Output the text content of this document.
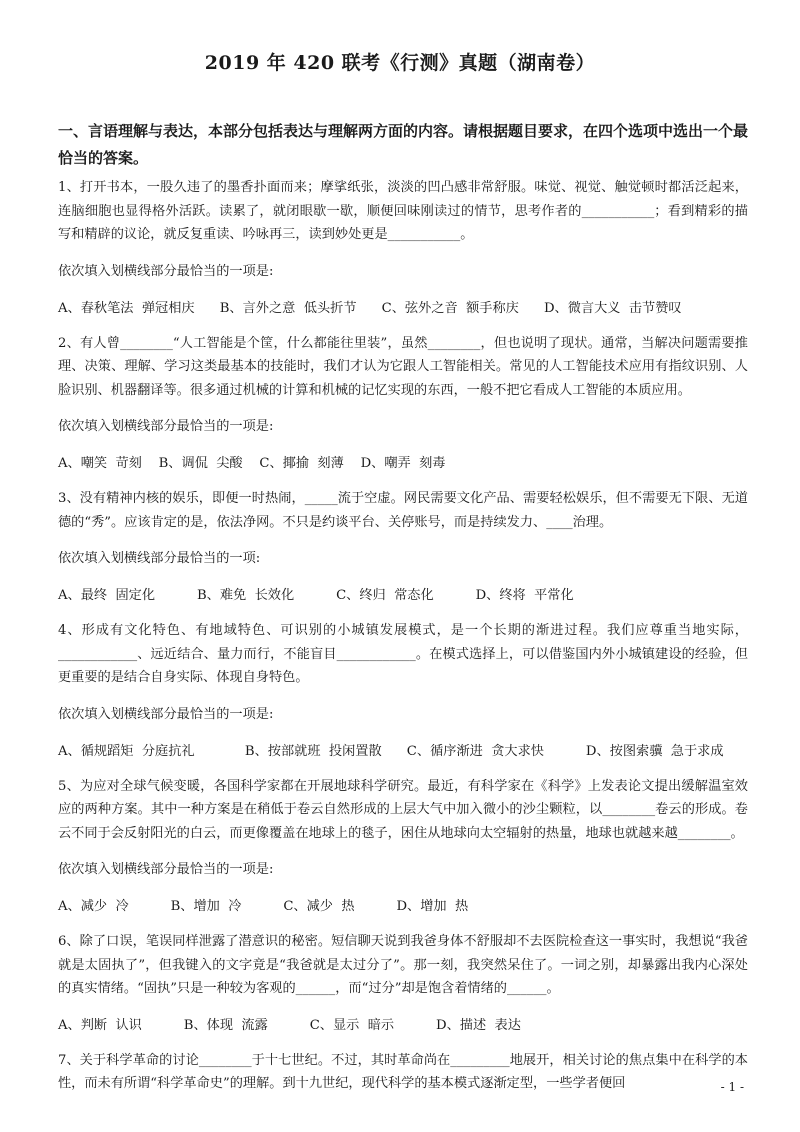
2019 年 420 联考《行测》真题（湖南卷）
一、言语理解与表达，本部分包括表达与理解两方面的内容。请根据题目要求，在四个选项中选出一个最恰当的答案。

1、打开书本，一股久违了的墨香扑面而来；摩挲纸张，淡淡的凹凸感非常舒服。味觉、视觉、触觉顿时都活泛起来，连脑细胞也显得格外活跃。读累了，就闭眼歇一歇，顺便回味刚读过的情节，思考作者的___________；看到精彩的描写和精辟的议论，就反复重读、吟咏再三，读到妙处更是___________。

依次填入划横线部分最恰当的一项是:

A、春秋笔法  弹冠相庆      B、言外之意  低头折节      C、弦外之音  额手称庆      D、微言大义  击节赞叹

2、有人曾________“人工智能是个筐，什么都能往里装”，虽然________，但也说明了现状。通常，当解决问题需要推理、决策、理解、学习这类最基本的技能时，我们才认为它跟人工智能相关。常见的人工智能技术应用有指纹识别、人脸识别、机器翻译等。很多通过机械的计算和机械的记忆实现的东西，一般不把它看成人工智能的本质应用。

依次填入划横线部分最恰当的一项是:

A、嘲笑  苛刻    B、调侃  尖酸    C、揶揄  刻薄    D、嘲弄  刻毒

3、没有精神内核的娱乐，即便一时热闹，_____流于空虚。网民需要文化产品、需要轻松娱乐，但不需要无下限、无道德的“秀”。应该肯定的是，依法净网。不只是约谈平台、关停账号，而是持续发力、____治理。

依次填入划横线部分最恰当的一项:

A、最终  固定化          B、难免  长效化          C、终归  常态化          D、终将  平常化

4、形成有文化特色、有地域特色、可识别的小城镇发展模式，是一个长期的渐进过程。我们应尊重当地实际，____________、远近结合、量力而行，不能盲目____________。在模式选择上，可以借鉴国内外小城镇建设的经验，但更重要的是结合自身实际、体现自身特色。

依次填入划横线部分最恰当的一项是:

A、循规蹈矩  分庭抗礼            B、按部就班  投闲置散      C、循序渐进  贪大求快          D、按图索骥  急于求成

5、为应对全球气候变暖，各国科学家都在开展地球科学研究。最近，有科学家在《科学》上发表论文提出缓解温室效应的两种方案。其中一种方案是在稍低于卷云自然形成的上层大气中加入微小的沙尘颗粒，以________卷云的形成。卷云不同于会反射阳光的白云，而更像覆盖在地球上的毯子，困住从地球向太空辐射的热量，地球也就越来越________。

依次填入划横线部分最恰当的一项是:

A、减少  冷          B、增加  冷          C、减少  热          D、增加  热

6、除了口误，笔误同样泄露了潜意识的秘密。短信聊天说到我爸身体不舒服却不去医院检查这一事实时，我想说“我爸就是太固执了”，但我键入的文字竟是“我爸就是太过分了”。那一刻，我突然呆住了。一词之别，却暴露出我内心深处的真实情绪。“固执”只是一种较为客观的______，而“过分”却是饱含着情绪的______。

A、判断  认识          B、体现  流露          C、显示  暗示          D、描述  表达

7、关于科学革命的讨论________于十七世纪。不过，其时革命尚在_________地展开，相关讨论的焦点集中在科学的本性，而未有所谓“科学革命史”的理解。到十九世纪，现代科学的基本模式逐渐定型，一些学者便回	- 1 -
